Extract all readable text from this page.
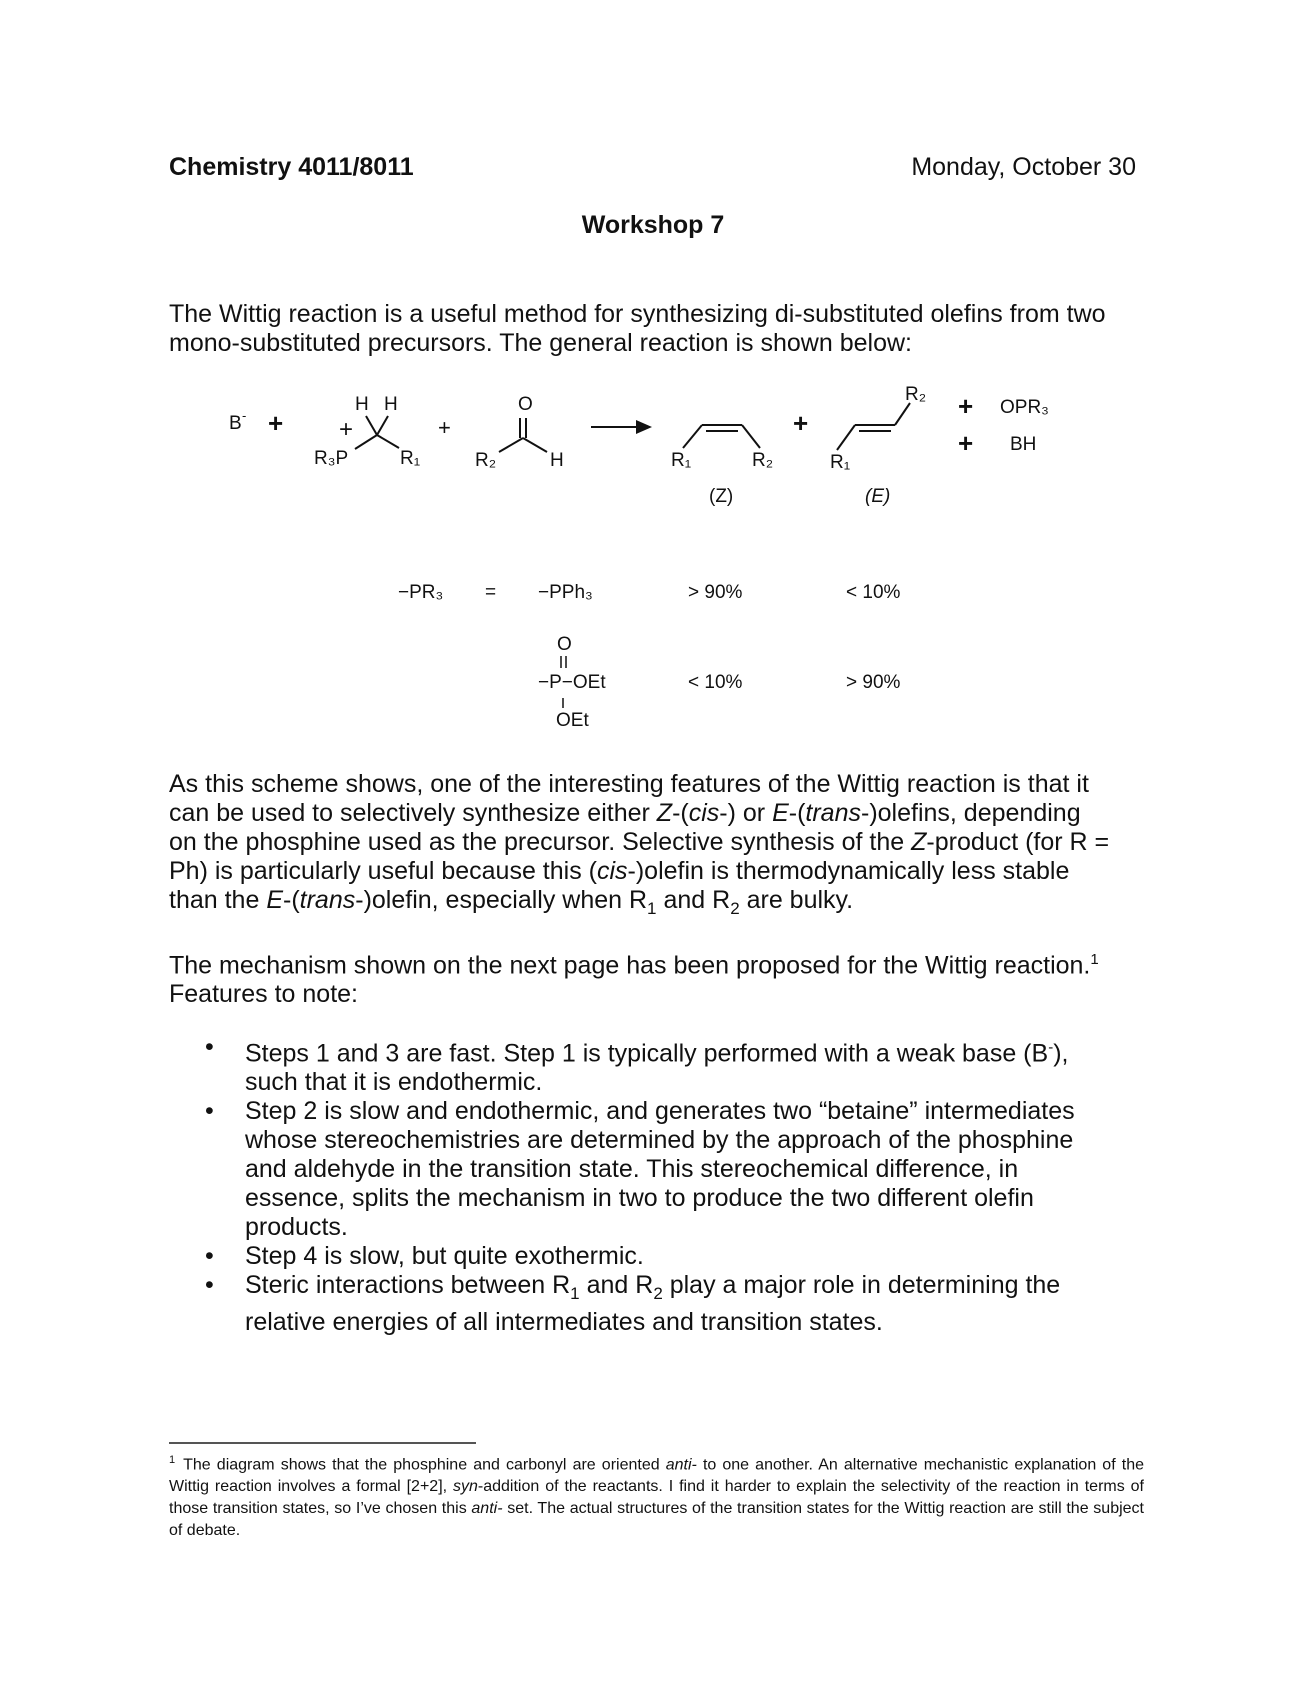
Chemistry 4011/8011	Monday, October 30
Workshop 7

The Wittig reaction is a useful method for synthesizing di-substituted olefins from two

mono-substituted precursors. The general reaction is shown below:

B - +
H H
+
R₃P	R₁
+
O
R₂	H	R₁	R₂
(Z)
+
R₁
R₂
(E)
+ OPR₃
+ BH
−PR₃ = −PPh₃	> 90%	< 10%
O
−P−OEt
OEt
< 10%	> 90%

As this scheme shows, one of the interesting features of the Wittig reaction is that it

can be used to selectively synthesize either Z-(cis-) or E-(trans-)olefins, depending

on the phosphine used as the precursor. Selective synthesis of the Z-product (for R =

Ph) is particularly useful because this (cis-)olefin is thermodynamically less stable

than the E-(trans-)olefin, especially when $R_1$ and $R_2$ are bulky.

The mechanism shown on the next page has been proposed for the Wittig reaction.$^1$

Features to note:

• Steps 1 and 3 are fast. Step 1 is typically performed with a weak base (B-),
such that it is endothermic.
• Step 2 is slow and endothermic, and generates two “betaine” intermediates
whose stereochemistries are determined by the approach of the phosphine
and aldehyde in the transition state. This stereochemical difference, in
essence, splits the mechanism in two to produce the two different olefin
products.
• Step 4 is slow, but quite exothermic.
• Steric interactions between $R_1$ and $R_2$ play a major role in determining the
relative energies of all intermediates and transition states.
$^1$ The diagram shows that the phosphine and carbonyl are oriented anti- to one another. An alternative mechanistic explanation of the Wittig reaction involves a formal [2+2], syn-addition of the reactants. I find it harder to explain the selectivity of the reaction in terms of those transition states, so I’ve chosen this anti- set. The actual structures of the transition states for the Wittig reaction are still the subject of debate.
